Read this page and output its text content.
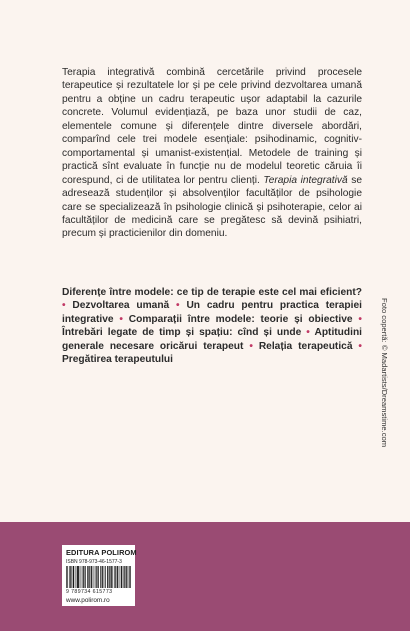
Terapia integrativă combină cercetările privind procesele terapeutice și rezultatele lor și pe cele privind dezvoltarea umană pentru a obține un cadru terapeutic ușor adaptabil la cazurile concrete. Volumul evidențiază, pe baza unor studii de caz, elementele comune și diferențele dintre diversele abordări, comparînd cele trei modele esențiale: psihodinamic, cognitiv-comportamental și umanist-existențial. Metodele de training și practică sînt evaluate în funcție nu de modelul teoretic căruia îi corespund, ci de utilitatea lor pentru clienți. Terapia integrativă se adresează studenților și absolvenților facultăților de psihologie care se specializează în psihologie clinică și psihoterapie, celor ai facultăților de medicină care se pregătesc să devină psihiatri, precum și practicienilor din domeniu.

Diferențe între modele: ce tip de terapie este cel mai eficient? • Dezvoltarea umană • Un cadru pentru practica terapiei integrative • Comparații între modele: teorie și obiective • Întrebări legate de timp și spațiu: cînd și unde • Aptitudini generale necesare oricărui terapeut • Relația terapeutică • Pregătirea terapeutului	Foto copertă: © Madartists/Dreamstime.com
EDITURA POLIROM
ISBN 978-973-46-1577-3
9 789734 615773
www.polirom.ro
